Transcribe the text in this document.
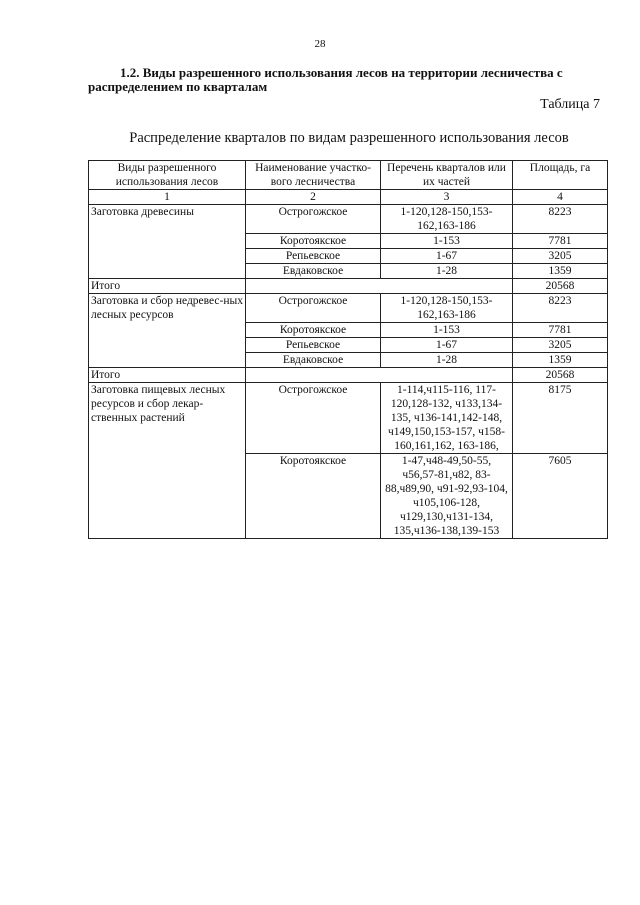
28
1.2. Виды разрешенного использования лесов на территории лесничества с распределением по кварталам
Таблица 7
Распределение кварталов по видам разрешенного использования лесов
Виды разрешенного использования лесов	Наименование участко-вого лесничества	Перечень кварталов или их частей	Площадь, га
1	2	3	4
Заготовка древесины	Острогожское	1-120,128-150,153-162,163-186	8223
	Коротоякское	1-153	7781
	Репьевское	1-67	3205
	Евдаковское	1-28	1359
Итого			20568
Заготовка и сбор недревес-ных лесных ресурсов	Острогожское	1-120,128-150,153-162,163-186	8223
	Коротоякское	1-153	7781
	Репьевское	1-67	3205
	Евдаковское	1-28	1359
Итого			20568
Заготовка пищевых лесных ресурсов и сбор лекар-ственных растений	Острогожское	1-114,ч115-116, 117-120,128-132, ч133,134-135, ч136-141,142-148, ч149,150,153-157, ч158-160,161,162, 163-186,	8175
	Коротоякское	1-47,ч48-49,50-55, ч56,57-81,ч82, 83-88,ч89,90, ч91-92,93-104, ч105,106-128, ч129,130,ч131-134, 135,ч136-138,139-153	7605
